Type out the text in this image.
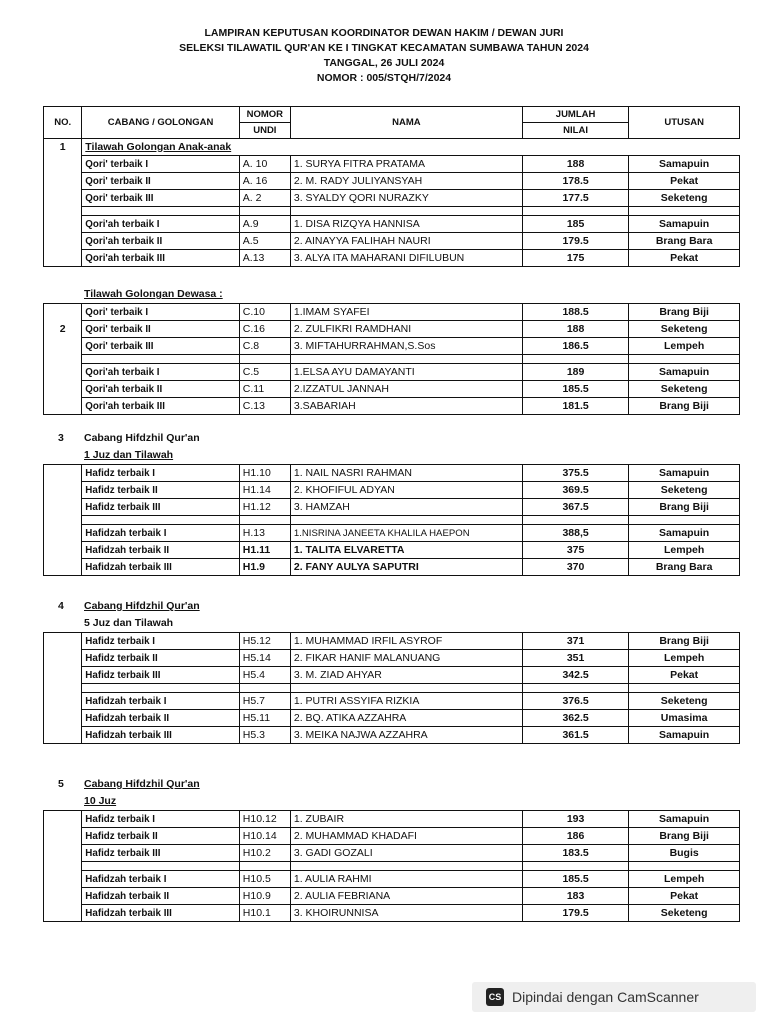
LAMPIRAN KEPUTUSAN KOORDINATOR DEWAN HAKIM / DEWAN JURI
SELEKSI TILAWATIL QUR'AN KE I TINGKAT KECAMATAN SUMBAWA TAHUN 2024
TANGGAL, 26 JULI 2024
NOMOR : 005/STQH/7/2024
NO.	CABANG / GOLONGAN	NOMOR	NAMA	JUMLAH	UTUSAN
		UNDI		NILAI	
1	Tilawah Golongan Anak-anak				
	Qori' terbaik I	A. 10	1. SURYA FITRA PRATAMA	188	Samapuin
	Qori' terbaik II	A. 16	2. M. RADY JULIYANSYAH	178.5	Pekat
	Qori' terbaik III	A. 2	3. SYALDY QORI NURAZKY	177.5	Seketeng

	Qori'ah terbaik I	A.9	1. DISA RIZQYA HANNISA	185	Samapuin
	Qori'ah terbaik II	A.5	2. AINAYYA FALIHAH NAURI	179.5	Brang Bara
	Qori'ah terbaik III	A.13	3. ALYA ITA MAHARANI DIFILUBUN	175	Pekat
Tilawah Golongan Dewasa :
	Qori' terbaik I	C.10	1.IMAM SYAFEI	188.5	Brang Biji
2	Qori' terbaik II	C.16	2. ZULFIKRI RAMDHANI	188	Seketeng
	Qori' terbaik III	C.8	3. MIFTAHURRAHMAN,S.Sos	186.5	Lempeh

	Qori'ah terbaik I	C.5	1.ELSA AYU DAMAYANTI	189	Samapuin
	Qori'ah terbaik II	C.11	2.IZZATUL JANNAH	185.5	Seketeng
	Qori'ah terbaik III	C.13	3.SABARIAH	181.5	Brang Biji
3 Cabang Hifdzhil Qur'an
1 Juz dan Tilawah
	Hafidz terbaik I	H1.10	1. NAIL NASRI RAHMAN	375.5	Samapuin
	Hafidz terbaik II	H1.14	2. KHOFIFUL ADYAN	369.5	Seketeng
	Hafidz terbaik III	H1.12	3. HAMZAH	367.5	Brang Biji

	Hafidzah terbaik I	H.13	1.NISRINA JANEETA KHALILA HAEPON	388,5	Samapuin
	Hafidzah terbaik II	H1.11	1. TALITA ELVARETTA	375	Lempeh
	Hafidzah terbaik III	H1.9	2. FANY AULYA SAPUTRI	370	Brang Bara
4 Cabang Hifdzhil Qur'an
5 Juz dan Tilawah
	Hafidz terbaik I	H5.12	1. MUHAMMAD IRFIL ASYROF	371	Brang Biji
	Hafidz terbaik II	H5.14	2. FIKAR HANIF MALANUANG	351	Lempeh
	Hafidz terbaik III	H5.4	3. M. ZIAD AHYAR	342.5	Pekat

	Hafidzah terbaik I	H5.7	1. PUTRI ASSYIFA RIZKIA	376.5	Seketeng
	Hafidzah terbaik II	H5.11	2. BQ. ATIKA AZZAHRA	362.5	Umasima
	Hafidzah terbaik III	H5.3	3. MEIKA NAJWA AZZAHRA	361.5	Samapuin
5 Cabang Hifdzhil Qur'an
10 Juz
	Hafidz terbaik I	H10.12	1. ZUBAIR	193	Samapuin
	Hafidz terbaik II	H10.14	2. MUHAMMAD KHADAFI	186	Brang Biji
	Hafidz terbaik III	H10.2	3. GADI GOZALI	183.5	Bugis

	Hafidzah terbaik I	H10.5	1. AULIA RAHMI	185.5	Lempeh
	Hafidzah terbaik II	H10.9	2. AULIA FEBRIANA	183	Pekat
	Hafidzah terbaik III	H10.1	3. KHOIRUNNISA	179.5	Seketeng
CS Dipindai dengan CamScanner
